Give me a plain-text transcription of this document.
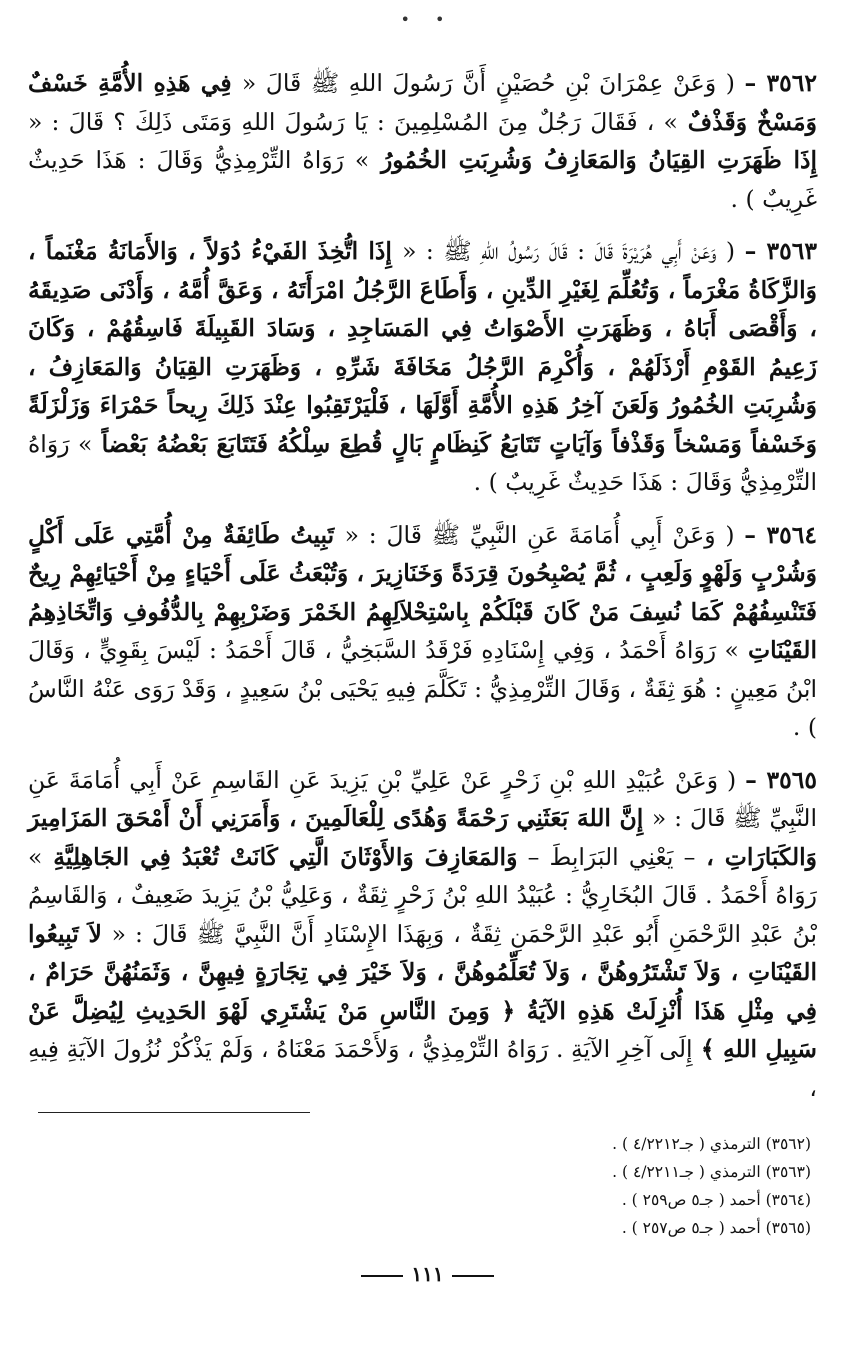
• •

٣٥٦٢ – ( وَعَنْ عِمْرَانَ بْنِ حُصَيْنٍ أَنَّ رَسُولَ اللهِ ﷺ قَالَ « فِي هَذِهِ الأُمَّةِ خَسْفٌ وَمَسْخٌ وَقَذْفٌ » ، فَقَالَ رَجُلٌ مِنَ المُسْلِمِينَ : يَا رَسُولَ اللهِ وَمَتَى ذَلِكَ ؟ قَالَ : « إِذَا ظَهَرَتِ القِيَانُ وَالمَعَازِفُ وَشُرِبَتِ الخُمُورُ » رَوَاهُ التِّرْمِذِيُّ وَقَالَ : هَذَا حَدِيثٌ غَرِيبٌ ) .

٣٥٦٣ – ( وَعَنْ أَبِي هُرَيْرَةَ قَالَ : قَالَ رَسُولُ اللهِ ﷺ : « إِذَا اتُّخِذَ الفَيْءُ دُوَلاً ، وَالأَمَانَةُ مَغْنَماً ، وَالزَّكَاةُ مَغْرَماً ، وَتُعُلِّمَ لِغَيْرِ الدِّينِ ، وَأَطَاعَ الرَّجُلُ امْرَأَتَهُ ، وَعَقَّ أُمَّهُ ، وَأَدْنَى صَدِيقَهُ ، وَأَقْصَى أَبَاهُ ، وَظَهَرَتِ الأَصْوَاتُ فِي المَسَاجِدِ ، وَسَادَ القَبِيلَةَ فَاسِقُهُمْ ، وَكَانَ زَعِيمُ القَوْمِ أَرْذَلَهُمْ ، وَأُكْرِمَ الرَّجُلُ مَخَافَةَ شَرِّهِ ، وَظَهَرَتِ القِيَانُ وَالمَعَازِفُ ، وَشُرِبَتِ الخُمُورُ وَلَعَنَ آخِرُ هَذِهِ الأُمَّةِ أَوَّلَهَا ، فَلْيَرْتَقِبُوا عِنْدَ ذَلِكَ رِيحاً حَمْرَاءَ وَزَلْزَلَةً وَخَسْفاً وَمَسْخاً وَقَذْفاً وَآيَاتٍ تَتَابَعُ كَنِظَامٍ بَالٍ قُطِعَ سِلْكُهُ فَتَتَابَعَ بَعْضُهُ بَعْضاً » رَوَاهُ التِّرْمِذِيُّ وَقَالَ : هَذَا حَدِيثٌ غَرِيبٌ ) .

٣٥٦٤ – ( وَعَنْ أَبِي أُمَامَةَ عَنِ النَّبِيِّ ﷺ قَالَ : « تَبِيتُ طَائِفَةٌ مِنْ أُمَّتِي عَلَى أَكْلٍ وَشُرْبٍ وَلَهْوٍ وَلَعِبٍ ، ثُمَّ يُصْبِحُونَ قِرَدَةً وَخَنَازِيرَ ، وَتُبْعَثُ عَلَى أَحْيَاءٍ مِنْ أَحْيَائِهِمْ رِيحٌ فَتَنْسِفُهُمْ كَمَا نُسِفَ مَنْ كَانَ قَبْلَكُمْ بِاسْتِحْلاَلِهِمُ الخَمْرَ وَضَرْبِهِمْ بِالدُّفُوفِ وَاتِّخَاذِهِمُ القَيْنَاتِ » رَوَاهُ أَحْمَدُ ، وَفِي إِسْنَادِهِ فَرْقَدُ السَّبَخِيُّ ، قَالَ أَحْمَدُ : لَيْسَ بِقَوِيٍّ ، وَقَالَ ابْنُ مَعِينٍ : هُوَ ثِقَةٌ ، وَقَالَ التِّرْمِذِيُّ : تَكَلَّمَ فِيهِ يَحْيَى بْنُ سَعِيدٍ ، وَقَدْ رَوَى عَنْهُ النَّاسُ ) .

٣٥٦٥ – ( وَعَنْ عُبَيْدِ اللهِ بْنِ زَحْرٍ عَنْ عَلِيِّ بْنِ يَزِيدَ عَنِ القَاسِمِ عَنْ أَبِي أُمَامَةَ عَنِ النَّبِيِّ ﷺ قَالَ : « إِنَّ اللهَ بَعَثَنِي رَحْمَةً وَهُدًى لِلْعَالَمِينَ ، وَأَمَرَنِي أَنْ أَمْحَقَ المَزَامِيرَ وَالكَبَارَاتِ ، – يَعْنِي البَرَابِطَ – وَالمَعَازِفَ وَالأَوْثَانَ الَّتِي كَانَتْ تُعْبَدُ فِي الجَاهِلِيَّةِ » رَوَاهُ أَحْمَدُ . قَالَ البُخَارِيُّ : عُبَيْدُ اللهِ بْنُ زَحْرٍ ثِقَةٌ ، وَعَلِيُّ بْنُ يَزِيدَ ضَعِيفٌ ، وَالقَاسِمُ بْنُ عَبْدِ الرَّحْمَنِ أَبُو عَبْدِ الرَّحْمَنِ ثِقَةٌ ، وَبِهَذَا الإِسْنَادِ أَنَّ النَّبِيَّ ﷺ قَالَ : « لاَ تَبِيعُوا القَيْنَاتِ ، وَلاَ تَشْتَرُوهُنَّ ، وَلاَ تُعَلِّمُوهُنَّ ، وَلاَ خَيْرَ فِي تِجَارَةٍ فِيهِنَّ ، وَثَمَنُهُنَّ حَرَامٌ ، فِي مِثْلِ هَذَا أُنْزِلَتْ هَذِهِ الآيَةُ ﴿ وَمِنَ النَّاسِ مَنْ يَشْتَرِي لَهْوَ الحَدِيثِ لِيُضِلَّ عَنْ سَبِيلِ اللهِ ﴾ إِلَى آخِرِ الآيَةِ . رَوَاهُ التِّرْمِذِيُّ ، وَلأَحْمَدَ مَعْنَاهُ ، وَلَمْ يَذْكُرْ نُزُولَ الآيَةِ فِيهِ ،

(٣٥٦٢) الترمذي ( جـ٤/٢٢١٢ ) .
(٣٥٦٣) الترمذي ( جـ٤/٢٢١١ ) .
(٣٥٦٤) أحمد ( جـ٥ ص٢٥٩ ) .
(٣٥٦٥) أحمد ( جـ٥ ص٢٥٧ ) .
١١١
